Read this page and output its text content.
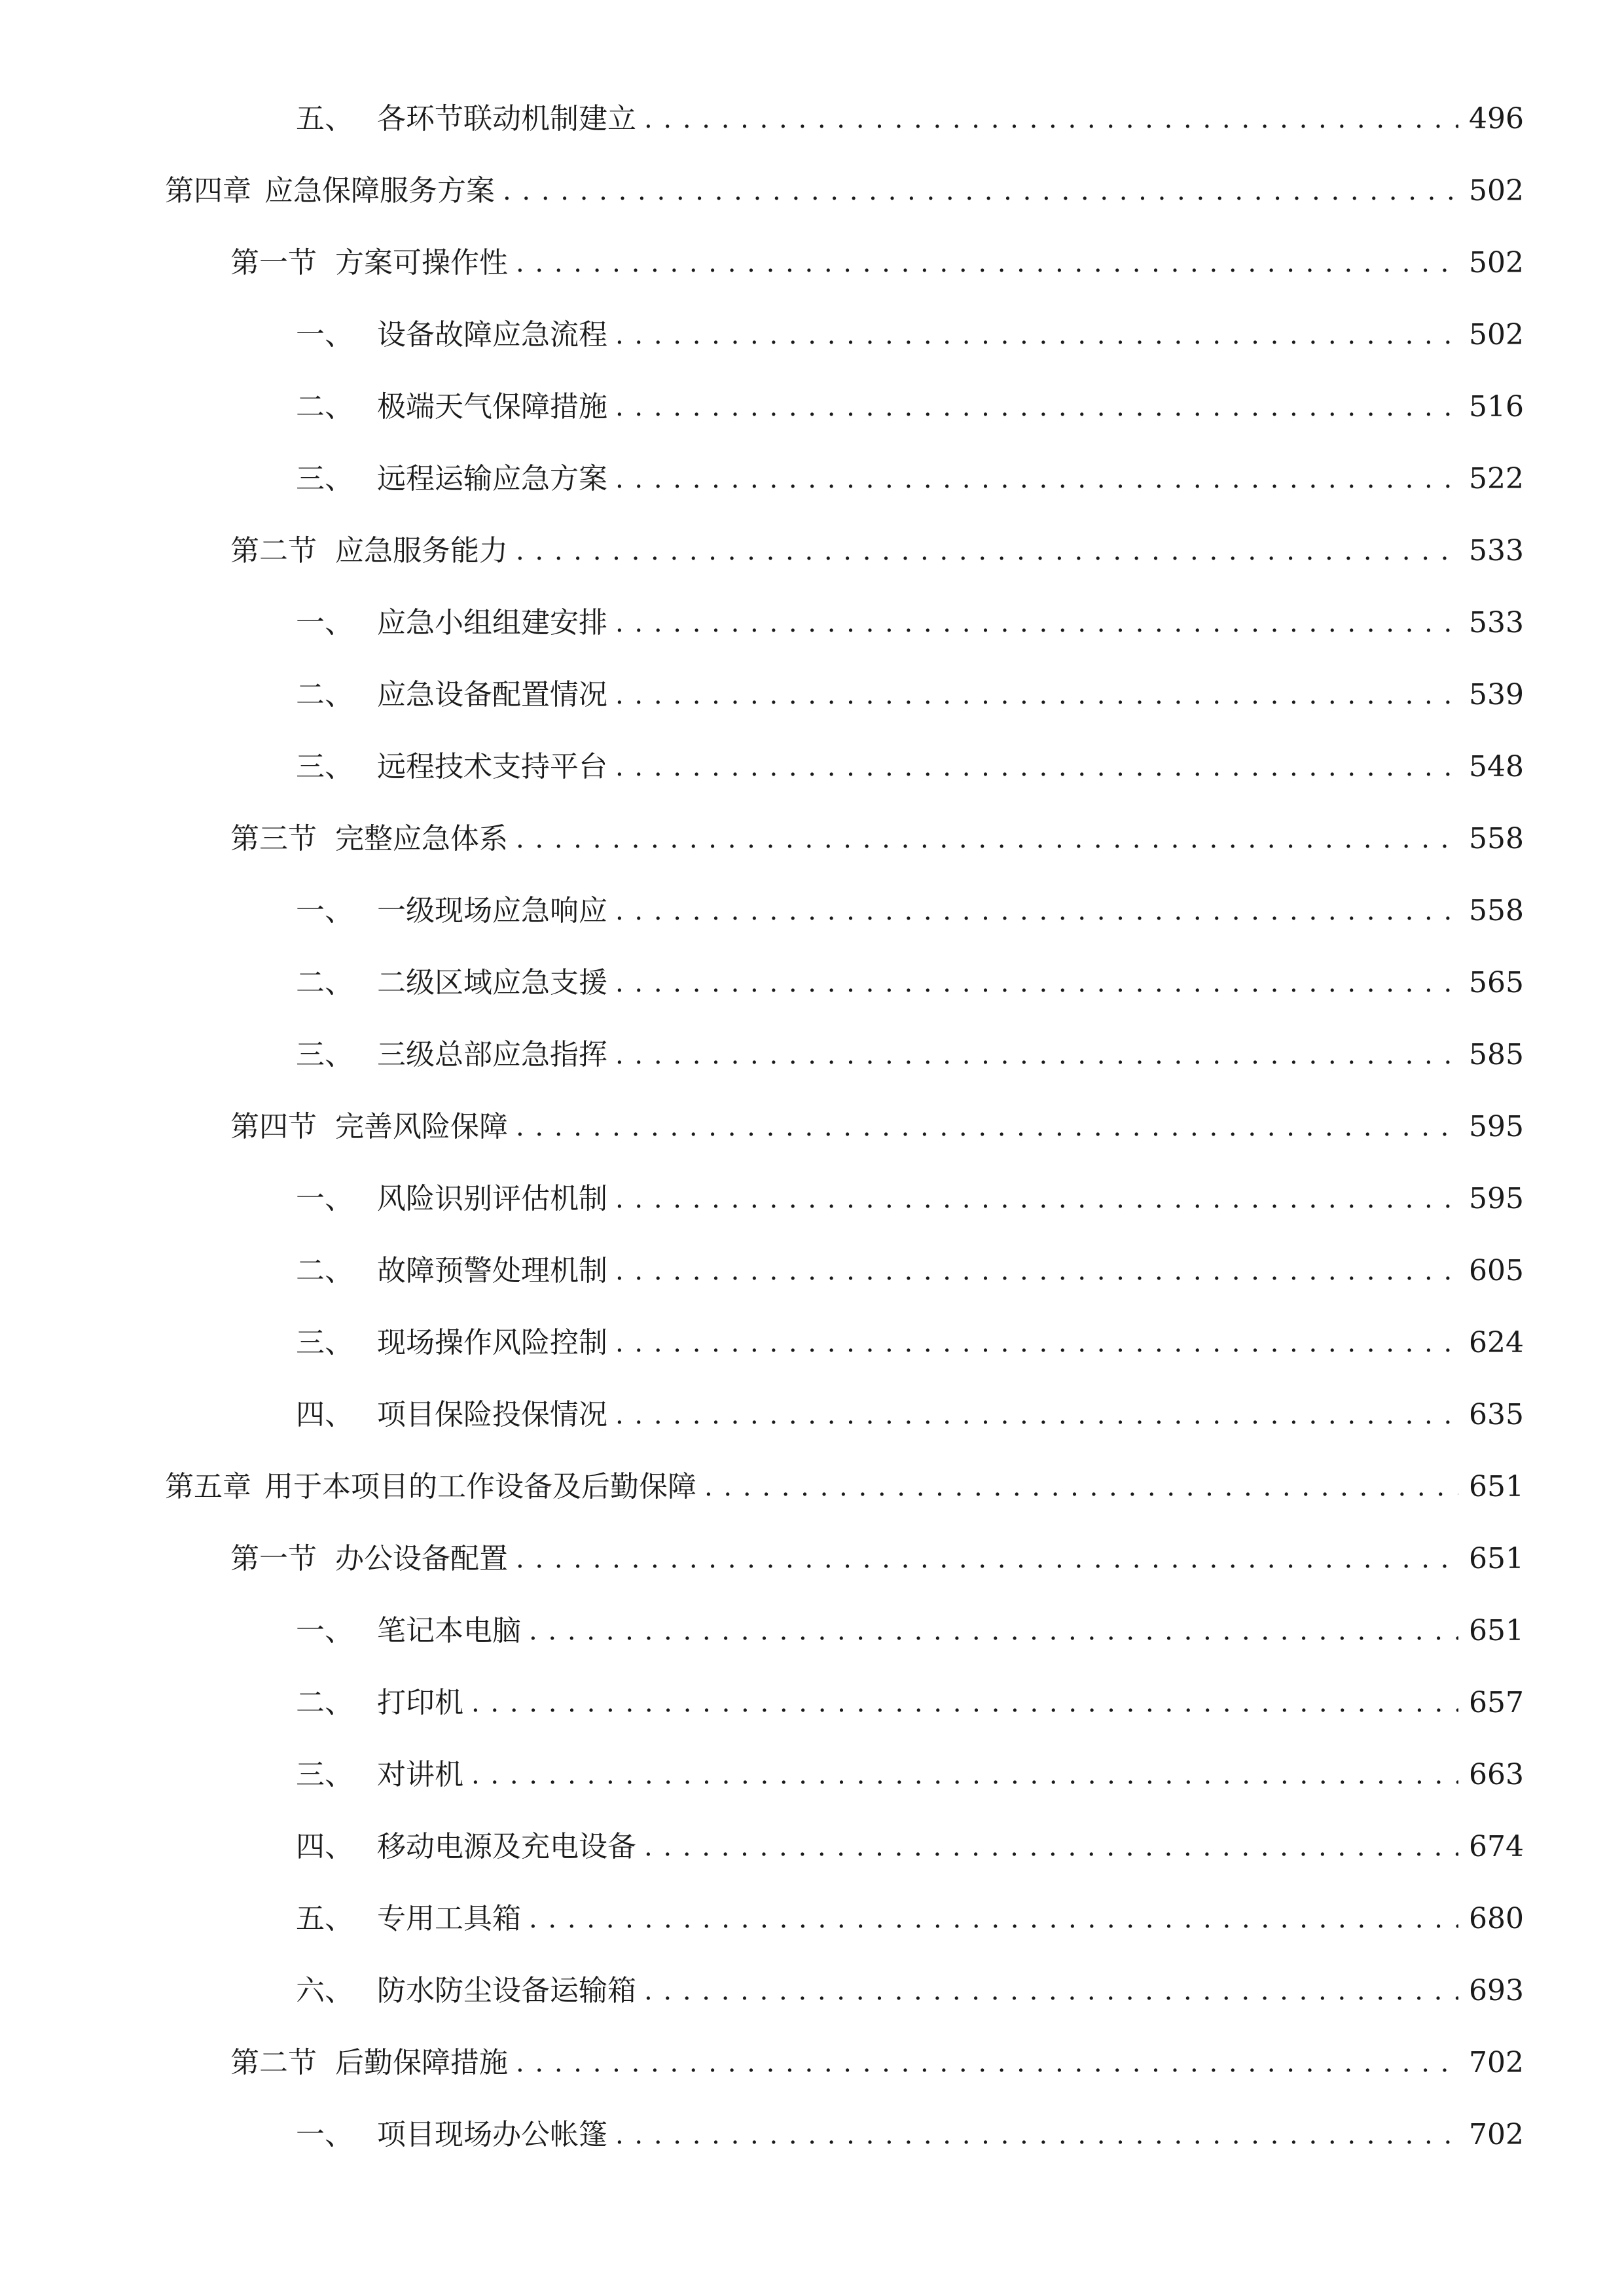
五、 各环节联动机制建立 . . .	496
第四章 应急保障服务方案 . . .	502
第一节 方案可操作性 . . .	502
一、 设备故障应急流程 . . .	502
二、 极端天气保障措施 . . .	516
三、 远程运输应急方案 . . .	522
第二节 应急服务能力 . . .	533
一、 应急小组组建安排 . . .	533
二、 应急设备配置情况 . . .	539
三、 远程技术支持平台 . . .	548
第三节 完整应急体系 . . .	558
一、 一级现场应急响应 . . .	558
二、 二级区域应急支援 . . .	565
三、 三级总部应急指挥 . . .	585
第四节 完善风险保障 . . .	595
一、 风险识别评估机制 . . .	595
二、 故障预警处理机制 . . .	605
三、 现场操作风险控制 . . .	624
四、 项目保险投保情况 . . .	635
第五章 用于本项目的工作设备及后勤保障 . . .	651
第一节 办公设备配置 . . .	651
一、 笔记本电脑 . . .	651
二、 打印机 . . .	657
三、 对讲机 . . .	663
四、 移动电源及充电设备 . . .	674
五、 专用工具箱 . . .	680
六、 防水防尘设备运输箱 . . .	693
第二节 后勤保障措施 . . .	702
一、 项目现场办公帐篷 . . .	702
